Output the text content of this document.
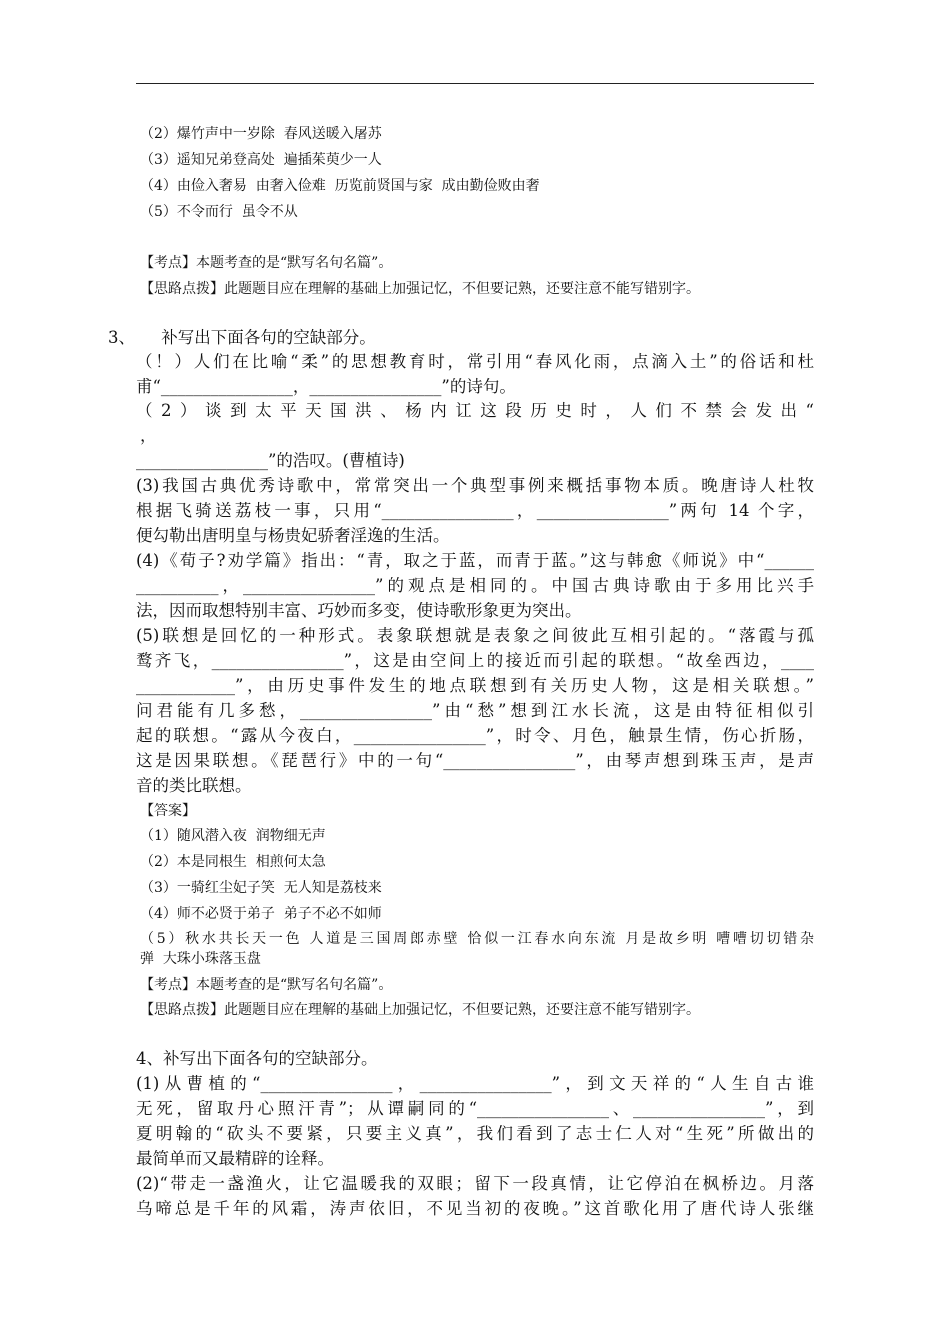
（2）爆竹声中一岁除  春风送暖入屠苏
（3）遥知兄弟登高处  遍插茱萸少一人
（4）由俭入奢易  由奢入俭难  历览前贤国与家  成由勤俭败由奢
（5）不令而行  虽令不从
【考点】本题考查的是“默写名句名篇”。
【思路点拨】此题题目应在理解的基础上加强记忆，不但要记熟，还要注意不能写错别字。
3、     补写出下面各句的空缺部分。
（！）人们在比喻“柔”的思想教育时，常引用“春风化雨，点滴入土”的俗话和杜
甫“________________，________________”的诗句。
（2）谈到太平天国洪、杨内讧这段历史时，人们不禁会发出“
，
________________”的浩叹。(曹植诗)
(3)我国古典优秀诗歌中，常常突出一个典型事例来概括事物本质。晚唐诗人杜牧
根据飞骑送荔枝一事，只用“________________，________________”两句 14 个字，
便勾勒出唐明皇与杨贵妃骄奢淫逸的生活。
(4)《荀子?劝学篇》指出：“青，取之于蓝，而青于蓝。”这与韩愈《师说》中“______
__________，________________”的观点是相同的。中国古典诗歌由于多用比兴手
法，因而取想特别丰富、巧妙而多变，使诗歌形象更为突出。
(5)联想是回忆的一种形式。表象联想就是表象之间彼此互相引起的。“落霞与孤
鹜齐飞，________________”，这是由空间上的接近而引起的联想。“故垒西边，____
____________”，由历史事件发生的地点联想到有关历史人物，这是相关联想。”
问君能有几多愁，________________”由“愁”想到江水长流，这是由特征相似引
起的联想。“露从今夜白，________________”，时令、月色，触景生情，伤心折肠，
这是因果联想。《琵琶行》中的一句“________________”，由琴声想到珠玉声，是声
音的类比联想。
【答案】
（1）随风潜入夜  润物细无声
（2）本是同根生  相煎何太急
（3）一骑红尘妃子笑  无人知是荔枝来
（4）师不必贤于弟子  弟子不必不如师
（5）秋水共长天一色 人道是三国周郎赤壁 恰似一江春水向东流 月是故乡明 嘈嘈切切错杂
弹  大珠小珠落玉盘
【考点】本题考查的是“默写名句名篇”。
【思路点拨】此题题目应在理解的基础上加强记忆，不但要记熟，还要注意不能写错别字。
4、补写出下面各句的空缺部分。
(1)从曹植的“________________，________________”，到文天祥的“人生自古谁
无死，留取丹心照汗青”；从谭嗣同的“________________、________________”，到
夏明翰的“砍头不要紧，只要主义真”，我们看到了志士仁人对“生死”所做出的
最简单而又最精辟的诠释。
(2)“带走一盏渔火，让它温暖我的双眼；留下一段真情，让它停泊在枫桥边。月落
乌啼总是千年的风霜，涛声依旧，不见当初的夜晚。”这首歌化用了唐代诗人张继
